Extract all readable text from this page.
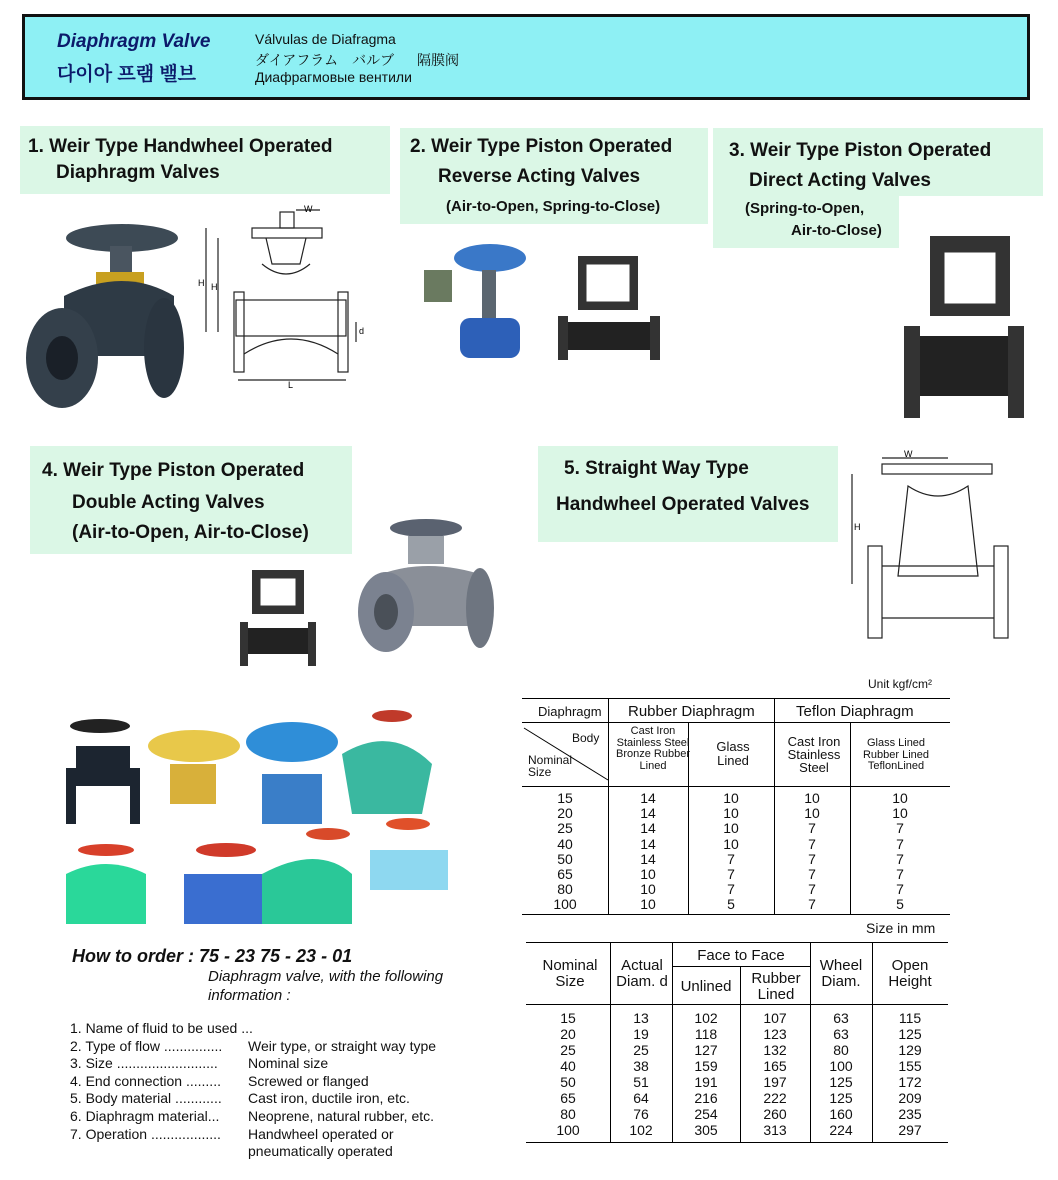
Diaphragm Valve
다이아 프램 밸브
Válvulas de Diafragma
ダイアフラム　バルブ 隔膜阀
Диафрагмовые вентили
1. Weir Type Handwheel Operated
Diaphragm Valves
W
H H
L
d
2. Weir Type Piston Operated
Reverse Acting Valves
(Air-to-Open, Spring-to-Close)
3. Weir Type Piston Operated
Direct Acting Valves
(Spring-to-Open,
Air-to-Close)
4. Weir Type Piston Operated
Double Acting Valves
(Air-to-Open, Air-to-Close)
5. Straight Way Type
Handwheel Operated Valves
W
H
Unit kgf/cm²
Diaphragm Rubber Diaphragm	Teflon Diaphragm
Body
Nominal Size
Cast Iron Stainless Steel Bronze Rubber Lined
Glass Lined
Cast Iron Stainless Steel
Glass Lined Rubber Lined TeflonLined
15	14	10	10	10
20	14	10	10	10
25	14	10	7	7
40	14	10	7	7
50	14	7	7	7
65	10	7	7	7
80	10	7	7	7
100	10	5	7	5
Size in mm
Nominal Size
Actual Diam. d
Face to Face
Unlined	Rubber Lined
Wheel Diam.
Open Height
15	13	102	107	63	115
20	19	118	123	63	125
25	25	127	132	80	129
40	38	159	165	100	155
50	51	191	197	125	172
65	64	216	222	125	209
80	76	254	260	160	235
100	102	305	313	224	297
How to order : 75 - 23 75 - 23 - 01
Diaphragm valve, with the following
information :
1. Name of fluid to be used ...
2. Type of flow ............... Weir type, or straight way type
3. Size .......................... Nominal size
4. End connection ......... Screwed or flanged
5. Body material ............ Cast iron, ductile iron, etc.
6. Diaphragm material... Neoprene, natural rubber, etc.
7. Operation .................. Handwheel operated or
pneumatically operated
